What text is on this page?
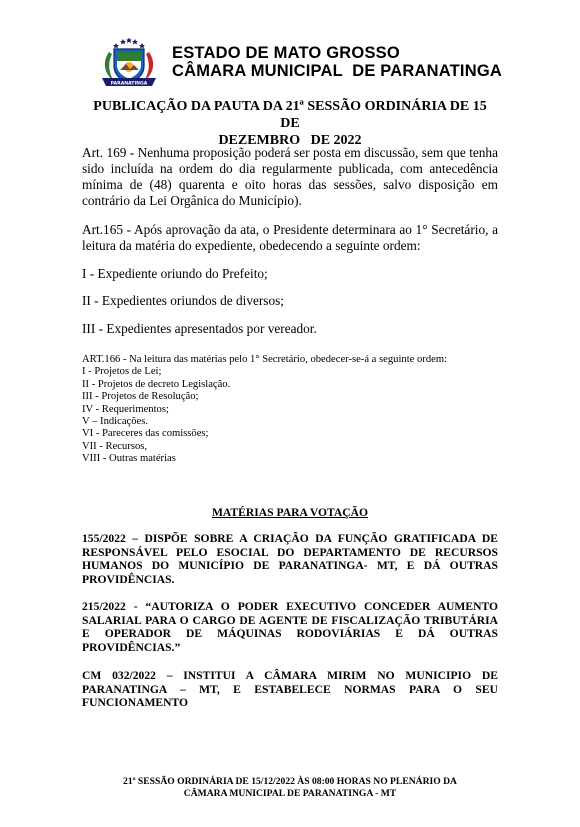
PARANATINGA
ESTADO DE MATO GROSSO
CÂMARA MUNICIPAL  DE PARANATINGA
PUBLICAÇÃO DA PAUTA DA 21ª SESSÃO ORDINÁRIA DE 15 DE
DEZEMBRO   DE 2022
Art. 169 - Nenhuma proposição poderá ser posta em discussão, sem que tenha sido incluída na ordem do dia regularmente publicada, com antecedência mínima de (48) quarenta e oito horas das sessões, salvo disposição em contrário da Lei Orgânica do Município).
Art.165 - Após aprovação da ata, o Presidente determinara ao 1° Secretário, a leitura da matéria do expediente, obedecendo a seguinte ordem:
I - Expediente oriundo do Prefeito;
II - Expedientes oriundos de diversos;
III - Expedientes apresentados por vereador.
ART.166 - Na leitura das matérias pelo 1° Secretário, obedecer-se-á a seguinte ordem:
I - Projetos de Lei;
II - Projetos de decreto Legislação.
III - Projetos de Resolução;
IV - Requerimentos;
V – Indicações.
VI - Pareceres das comissões;
VII - Recursos,
VIII - Outras matérias
MATÉRIAS PARA VOTAÇÃO
155/2022 – DISPÕE SOBRE A CRIAÇÃO DA FUNÇÃO GRATIFICADA DE RESPONSÁVEL PELO ESOCIAL DO DEPARTAMENTO DE RECURSOS HUMANOS DO MUNICÍPIO DE PARANATINGA- MT, E DÁ OUTRAS PROVIDÊNCIAS.
215/2022 - “AUTORIZA O PODER EXECUTIVO CONCEDER AUMENTO SALARIAL PARA O CARGO DE AGENTE DE FISCALIZAÇÃO TRIBUTÁRIA E OPERADOR DE MÁQUINAS RODOVIÁRIAS E DÁ OUTRAS PROVIDÊNCIAS.”
CM 032/2022 – INSTITUI A CÂMARA MIRIM NO MUNICIPIO DE PARANATINGA – MT, E ESTABELECE NORMAS PARA O SEU FUNCIONAMENTO
21ª SESSÃO ORDINÁRIA DE 15/12/2022 ÀS 08:00 HORAS NO PLENÁRIO DA
CÂMARA MUNICIPAL DE PARANATINGA - MT
